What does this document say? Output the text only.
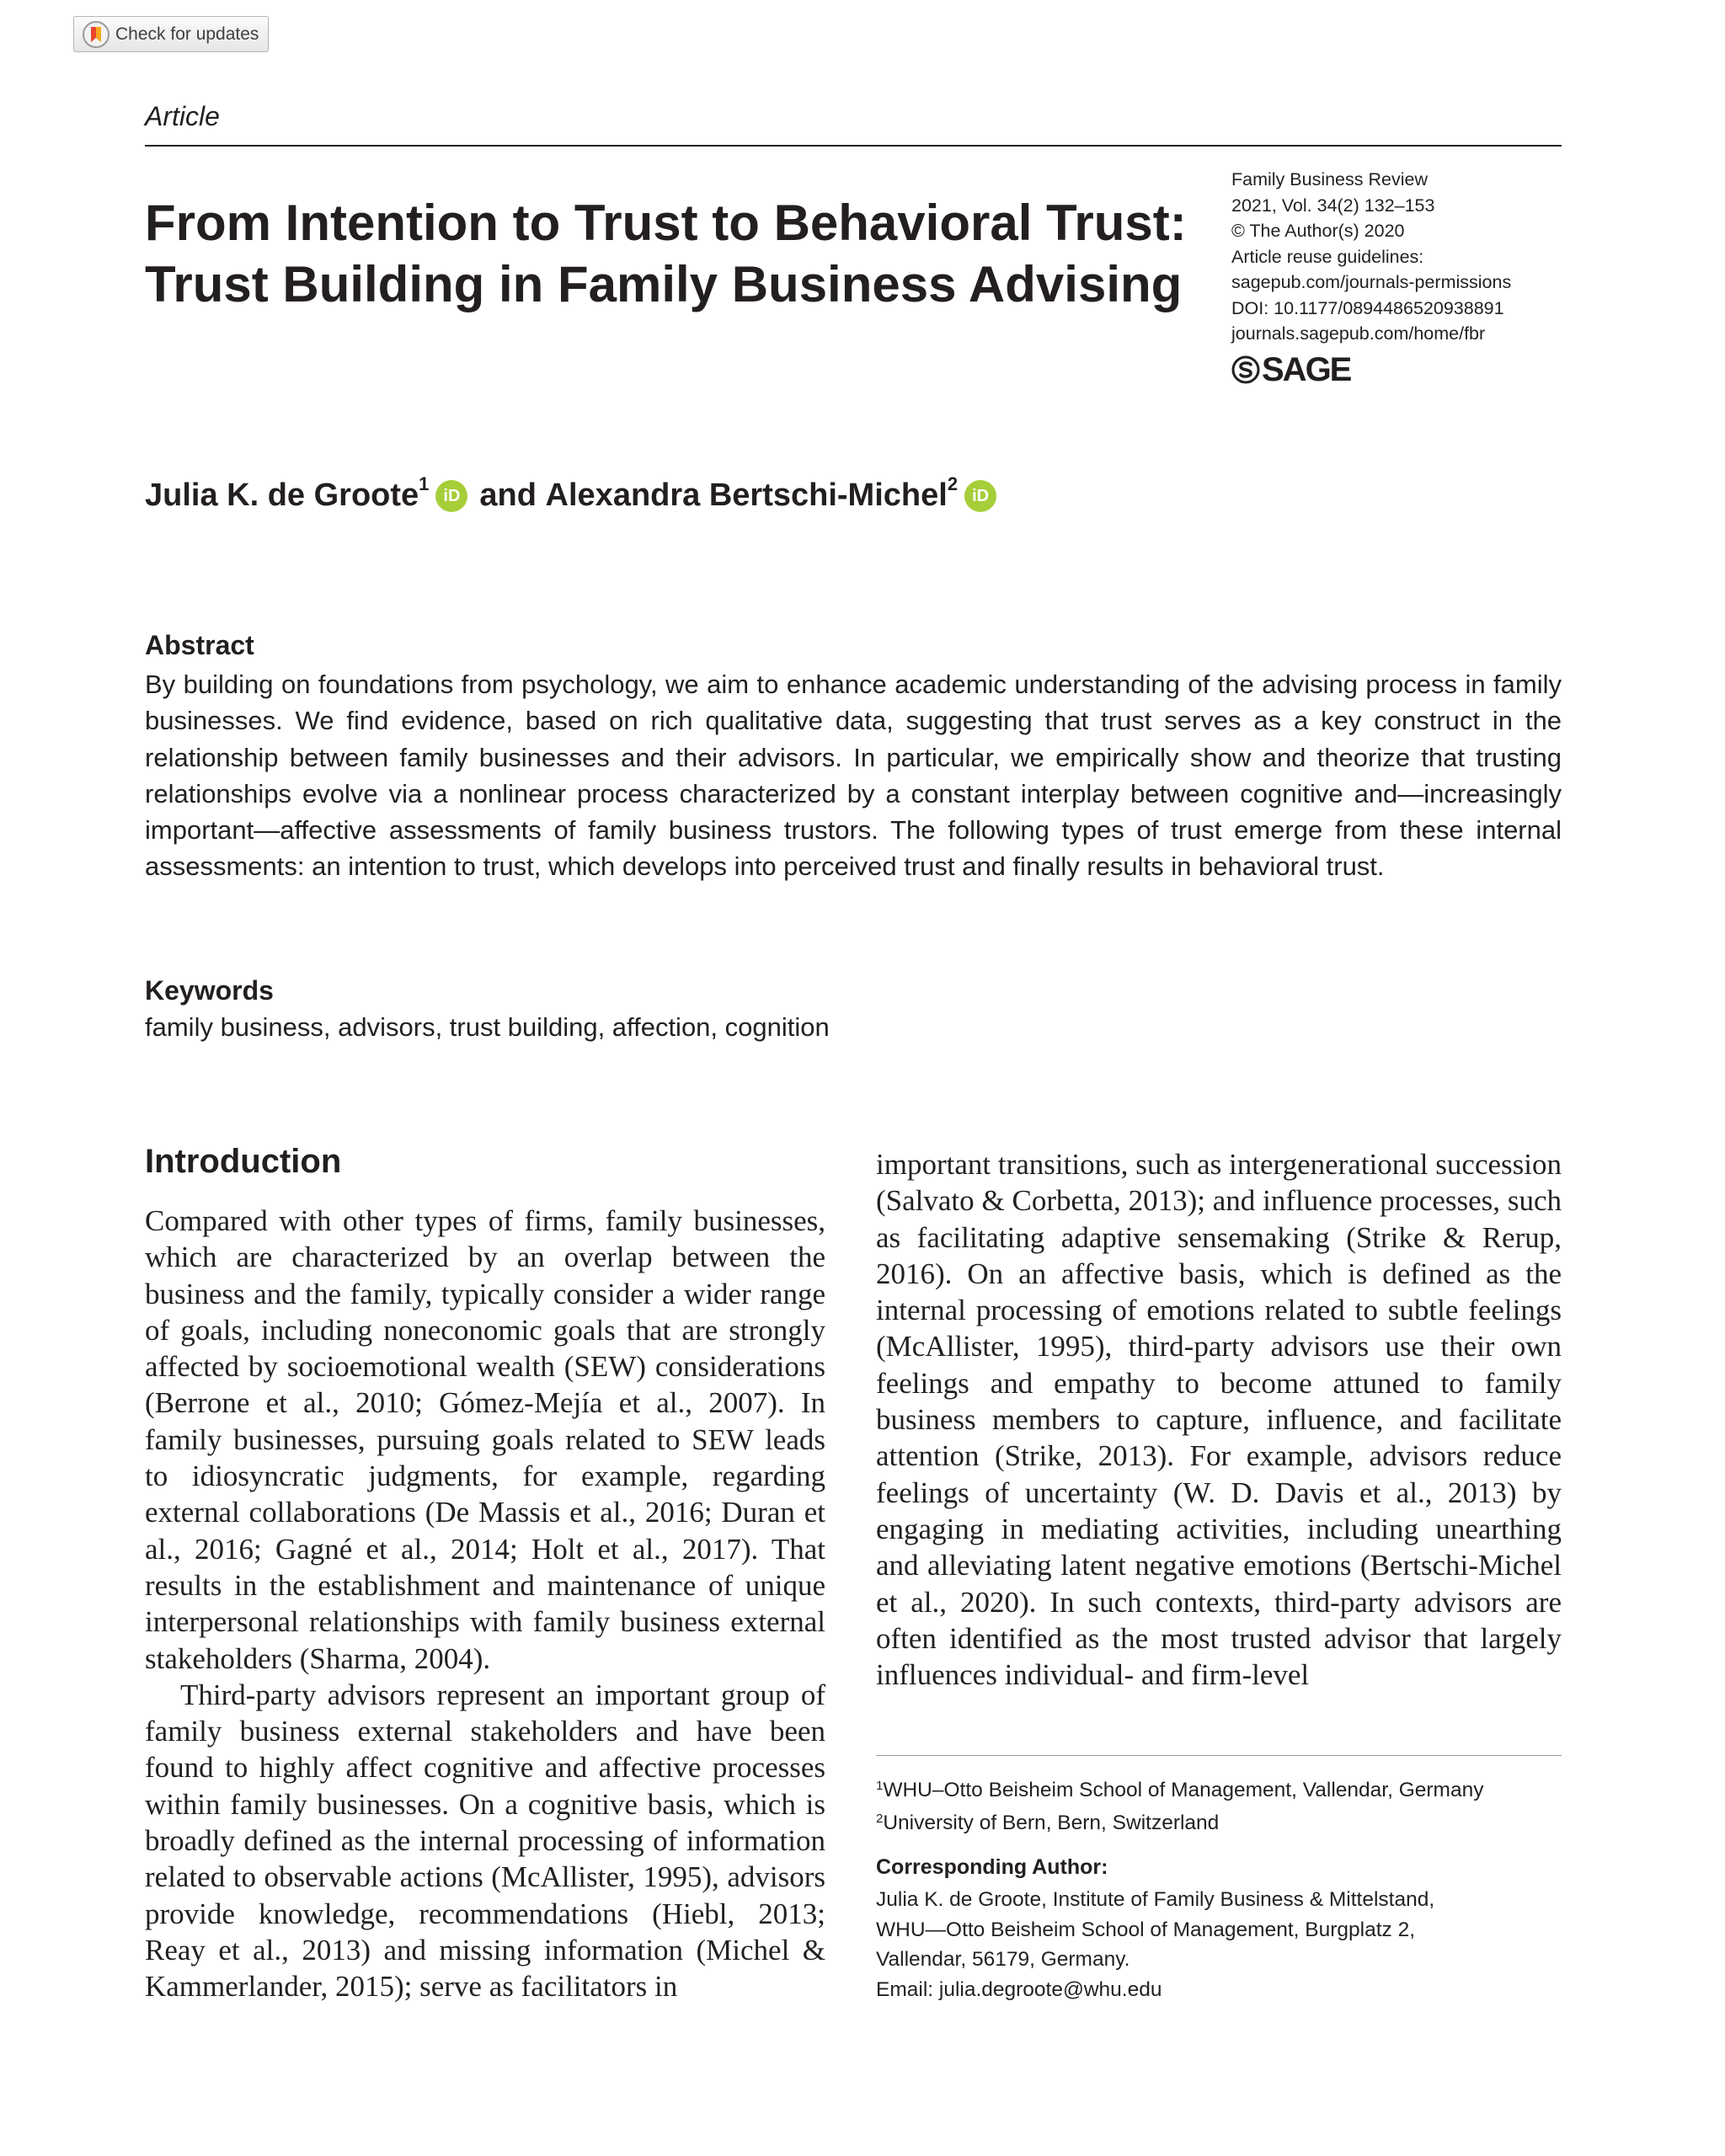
Check for updates
Article
From Intention to Trust to Behavioral Trust: Trust Building in Family Business Advising
Family Business Review
2021, Vol. 34(2) 132–153
© The Author(s) 2020
Article reuse guidelines:
sagepub.com/journals-permissions
DOI: 10.1177/0894486520938891
journals.sagepub.com/home/fbr
SAGE
Julia K. de Groote$^1$
iD and
Alexandra Bertschi-Michel$^2$
iD
Abstract

By building on foundations from psychology, we aim to enhance academic understanding of the advising process in family businesses. We find evidence, based on rich qualitative data, suggesting that trust serves as a key construct in the relationship between family businesses and their advisors. In particular, we empirically show and theorize that trusting relationships evolve via a nonlinear process characterized by a constant interplay between cognitive and—increasingly important—affective assessments of family business trustors. The following types of trust emerge from these internal assessments: an intention to trust, which develops into perceived trust and finally results in behavioral trust.

Keywords
family business, advisors, trust building, affection, cognition
Introduction

Compared with other types of firms, family businesses, which are characterized by an overlap between the business and the family, typically consider a wider range of goals, including noneconomic goals that are strongly affected by socioemotional wealth (SEW) considerations (Berrone et al., 2010; Gómez-Mejía et al., 2007). In family businesses, pursuing goals related to SEW leads to idiosyncratic judgments, for example, regarding external collaborations (De Massis et al., 2016; Duran et al., 2016; Gagné et al., 2014; Holt et al., 2017). That results in the establishment and maintenance of unique interpersonal relationships with family business external stakeholders (Sharma, 2004).

Third-party advisors represent an important group of family business external stakeholders and have been found to highly affect cognitive and affective processes within family businesses. On a cognitive basis, which is broadly defined as the internal processing of information related to observable actions (McAllister, 1995), advisors provide knowledge, recommendations (Hiebl, 2013; Reay et al., 2013) and missing information (Michel & Kammerlander, 2015); serve as facilitators in

important transitions, such as intergenerational succession (Salvato & Corbetta, 2013); and influence processes, such as facilitating adaptive sensemaking (Strike & Rerup, 2016). On an affective basis, which is defined as the internal processing of emotions related to subtle feelings (McAllister, 1995), third-party advisors use their own feelings and empathy to become attuned to family business members to capture, influence, and facilitate attention (Strike, 2013). For example, advisors reduce feelings of uncertainty (W. D. Davis et al., 2013) by engaging in mediating activities, including unearthing and alleviating latent negative emotions (Bertschi-Michel et al., 2020). In such contexts, third-party advisors are often identified as the most trusted advisor that largely influences individual- and firm-level

$^1$WHU–Otto Beisheim School of Management, Vallendar, Germany
$^2$University of Bern, Bern, Switzerland
Corresponding Author:
Julia K. de Groote, Institute of Family Business & Mittelstand,
WHU—Otto Beisheim School of Management, Burgplatz 2,
Vallendar, 56179, Germany.
Email: julia.degroote@whu.edu
